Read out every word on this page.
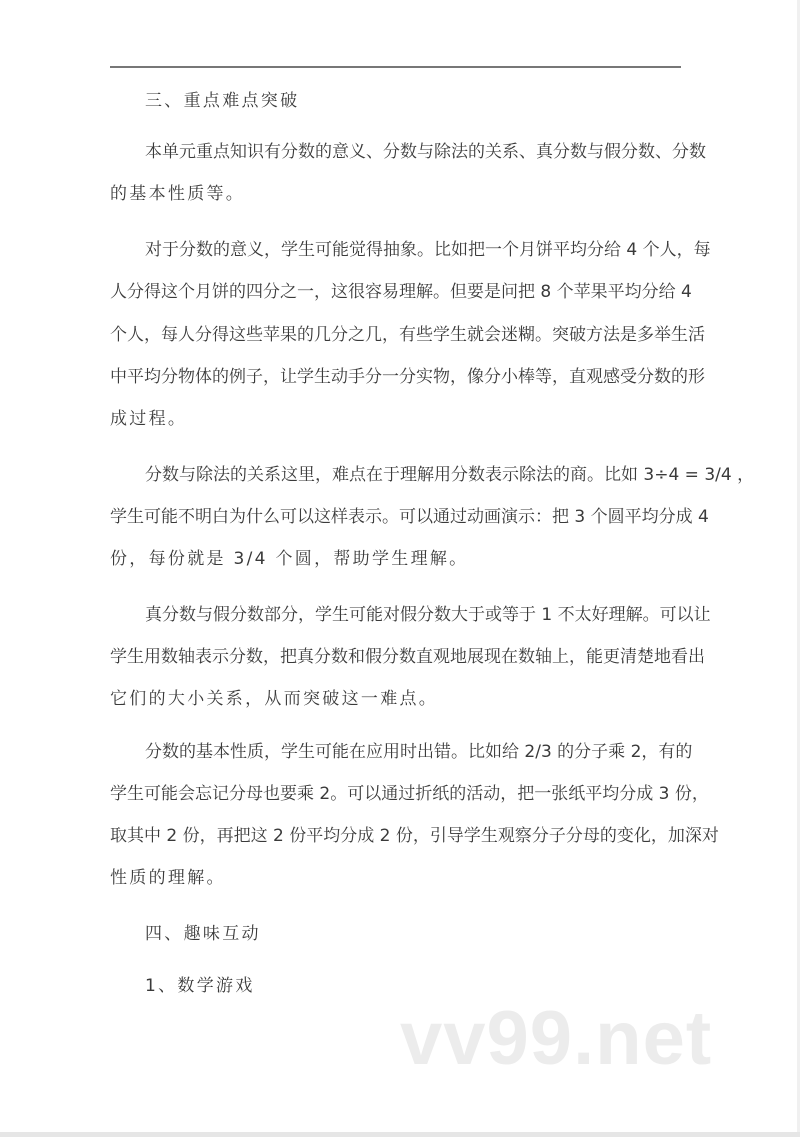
三、重点难点突破
本单元重点知识有分数的意义、分数与除法的关系、真分数与假分数、分数
的基本性质等。
对于分数的意义，学生可能觉得抽象。比如把一个月饼平均分给 4 个人，每
人分得这个月饼的四分之一，这很容易理解。但要是问把 8 个苹果平均分给 4
个人，每人分得这些苹果的几分之几，有些学生就会迷糊。突破方法是多举生活
中平均分物体的例子，让学生动手分一分实物，像分小棒等，直观感受分数的形
成过程。
分数与除法的关系这里，难点在于理解用分数表示除法的商。比如 3÷4 = 3/4 ，
学生可能不明白为什么可以这样表示。可以通过动画演示：把 3 个圆平均分成 4
份，每份就是 3/4 个圆，帮助学生理解。
真分数与假分数部分，学生可能对假分数大于或等于 1 不太好理解。可以让
学生用数轴表示分数，把真分数和假分数直观地展现在数轴上，能更清楚地看出
它们的大小关系，从而突破这一难点。
分数的基本性质，学生可能在应用时出错。比如给 2/3 的分子乘 2，有的
学生可能会忘记分母也要乘 2。可以通过折纸的活动，把一张纸平均分成 3 份，
取其中 2 份，再把这 2 份平均分成 2 份，引导学生观察分子分母的变化，加深对
性质的理解。
四、趣味互动
1、数学游戏
vv99.net
